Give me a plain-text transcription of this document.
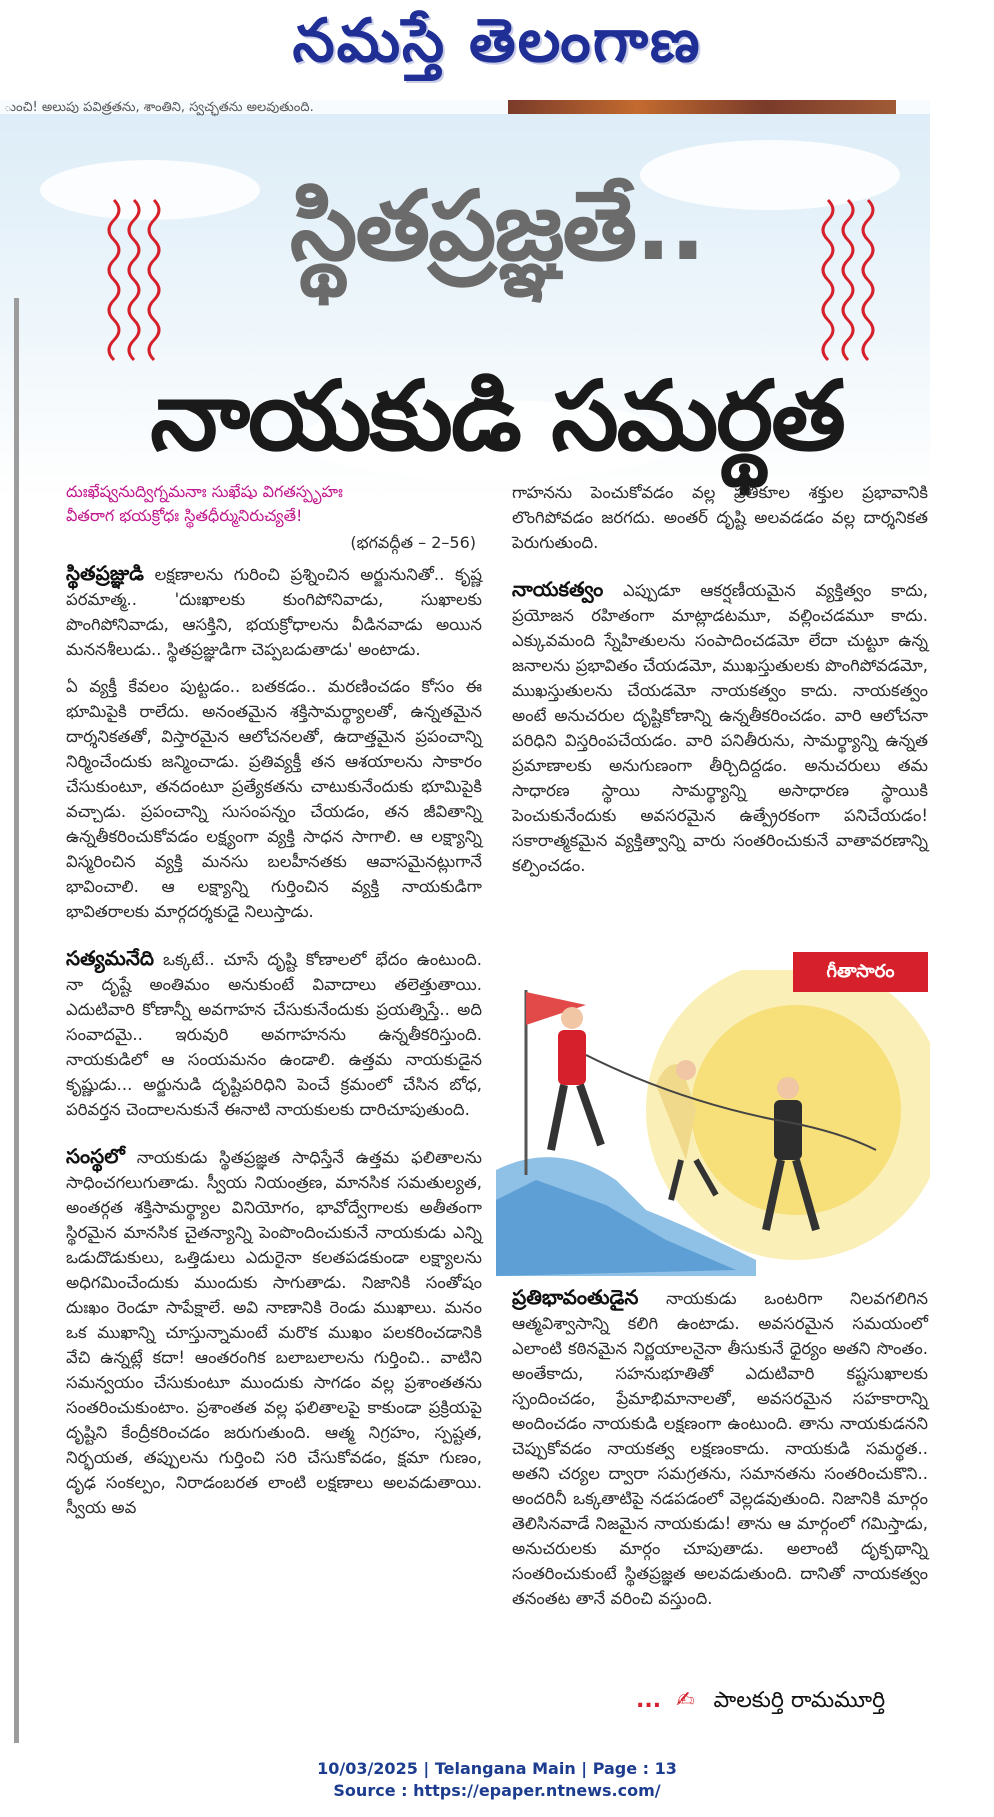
నమస్తే తెలంగాణ
ుంచి! అలుపు పవిత్రతను, శాంతిని, స్వచ్ఛతను అలవుతుంది.
స్థితప్రజ్ఞతే..
నాయకుడి సమర్థత
దుఃఖేష్వనుద్విగ్నమనాః సుఖేషు విగతస్పృహః
వీతరాగ భయక్రోధః స్థితధీర్మునిరుచ్యతే!
(భగవద్గీత – 2–56)

స్థితప్రజ్ఞుడి లక్షణాలను గురించి ప్రశ్నించిన అర్జునునితో.. కృష్ణ పరమాత్మ.. 'దుఃఖాలకు కుంగిపోనివాడు, సుఖాలకు పొంగిపోనివాడు, ఆసక్తిని, భయక్రోధాలను వీడినవాడు అయిన మననశీలుడు.. స్థితప్రజ్ఞుడిగా చెప్పబడుతాడు' అంటాడు.

ఏ వ్యక్తీ కేవలం పుట్టడం.. బతకడం.. మరణించడం కోసం ఈ భూమిపైకి రాలేదు. అనంతమైన శక్తిసామర్థ్యాలతో, ఉన్నతమైన దార్శనికతతో, విస్తారమైన ఆలోచనలతో, ఉదాత్తమైన ప్రపంచాన్ని నిర్మించేందుకు జన్మించాడు. ప్రతివ్యక్తీ తన ఆశయాలను సాకారం చేసుకుంటూ, తనదంటూ ప్రత్యేకతను చాటుకునేందుకు భూమిపైకి వచ్చాడు. ప్రపంచాన్ని సుసంపన్నం చేయడం, తన జీవితాన్ని ఉన్నతీకరించుకోవడం లక్ష్యంగా వ్యక్తి సాధన సాగాలి. ఆ లక్ష్యాన్ని విస్మరించిన వ్యక్తి మనసు బలహీనతకు ఆవాసమైనట్లుగానే భావించాలి. ఆ లక్ష్యాన్ని గుర్తించిన వ్యక్తి నాయకుడిగా భావితరాలకు మార్గదర్శకుడై నిలుస్తాడు.

సత్యమనేది ఒక్కటే.. చూసే దృష్టి కోణాలలో భేదం ఉంటుంది. నా దృష్టే అంతిమం అనుకుంటే వివాదాలు తలెత్తుతాయి. ఎదుటివారి కోణాన్నీ అవగాహన చేసుకునేందుకు ప్రయత్నిస్తే.. అది సంవాదమై.. ఇరువురి అవగాహనను ఉన్నతీకరిస్తుంది. నాయకుడిలో ఆ సంయమనం ఉండాలి. ఉత్తమ నాయకుడైన కృష్ణుడు... అర్జునుడి దృష్టిపరిధిని పెంచే క్రమంలో చేసిన బోధ, పరివర్తన చెందాలనుకునే ఈనాటి నాయకులకు దారిచూపుతుంది.

సంస్థలో నాయకుడు స్థితప్రజ్ఞత సాధిస్తేనే ఉత్తమ ఫలితాలను సాధించగలుగుతాడు. స్వీయ నియంత్రణ, మానసిక సమతుల్యత, అంతర్గత శక్తిసామర్థ్యాల వినియోగం, భావోద్వేగాలకు అతీతంగా స్థిరమైన మానసిక చైతన్యాన్ని పెంపొందించుకునే నాయకుడు ఎన్ని ఒడుదొడుకులు, ఒత్తిడులు ఎదురైనా కలతపడకుండా లక్ష్యాలను అధిగమించేందుకు ముందుకు సాగుతాడు. నిజానికి సంతోషం దుఃఖం రెండూ సాపేక్షాలే. అవి నాణానికి రెండు ముఖాలు. మనం ఒక ముఖాన్ని చూస్తున్నామంటే మరొక ముఖం పలకరించడానికి వేచి ఉన్నట్లే కదా! ఆంతరంగిక బలాబలాలను గుర్తించి.. వాటిని సమన్వయం చేసుకుంటూ ముందుకు సాగడం వల్ల ప్రశాంతతను సంతరించుకుంటాం. ప్రశాంతత వల్ల ఫలితాలపై కాకుండా ప్రక్రియపై దృష్టిని కేంద్రీకరించడం జరుగుతుంది. ఆత్మ నిగ్రహం, స్పష్టత, నిర్భయత, తప్పులను గుర్తించి సరి చేసుకోవడం, క్షమా గుణం, దృఢ సంకల్పం, నిరాడంబరత లాంటి లక్షణాలు అలవడుతాయి. స్వీయ అవ

గాహనను పెంచుకోవడం వల్ల ప్రతికూల శక్తుల ప్రభావానికి లొంగిపోవడం జరగదు. అంతర్ దృష్టి అలవడడం వల్ల దార్శనికత పెరుగుతుంది.

నాయకత్వం ఎప్పుడూ ఆకర్షణీయమైన వ్యక్తిత్వం కాదు, ప్రయోజన రహితంగా మాట్లాడటమూ, వల్లించడమూ కాదు. ఎక్కువమంది స్నేహితులను సంపాదించడమో లేదా చుట్టూ ఉన్న జనాలను ప్రభావితం చేయడమో, ముఖస్తుతులకు పొంగిపోవడమో, ముఖస్తుతులను చేయడమో నాయకత్వం కాదు. నాయకత్వం అంటే అనుచరుల దృష్టికోణాన్ని ఉన్నతీకరించడం. వారి ఆలోచనా పరిధిని విస్తరింపచేయడం. వారి పనితీరును, సామర్థ్యాన్ని ఉన్నత ప్రమాణాలకు అనుగుణంగా తీర్చిదిద్దడం. అనుచరులు తమ సాధారణ స్థాయి సామర్థ్యాన్ని అసాధారణ స్థాయికి పెంచుకునేందుకు అవసరమైన ఉత్ప్రేరకంగా పనిచేయడం! సకారాత్మకమైన వ్యక్తిత్వాన్ని వారు సంతరించుకునే వాతావరణాన్ని కల్పించడం.

గీతాసారం

ప్రతిభావంతుడైన నాయకుడు ఒంటరిగా నిలవగలిగిన ఆత్మవిశ్వాసాన్ని కలిగి ఉంటాడు. అవసరమైన సమయంలో ఎలాంటి కఠినమైన నిర్ణయాలనైనా తీసుకునే ధైర్యం అతని సొంతం. అంతేకాదు, సహనుభూతితో ఎదుటివారి కష్టసుఖాలకు స్పందించడం, ప్రేమాభిమానాలతో, అవసరమైన సహకారాన్ని అందించడం నాయకుడి లక్షణంగా ఉంటుంది. తాను నాయకుడనని చెప్పుకోవడం నాయకత్వ లక్షణంకాదు. నాయకుడి సమర్థత.. అతని చర్యల ద్వారా సమగ్రతను, సమానతను సంతరించుకొని.. అందరినీ ఒక్కతాటిపై నడపడంలో వెల్లడవుతుంది. నిజానికి మార్గం తెలిసినవాడే నిజమైన నాయకుడు! తాను ఆ మార్గంలో గమిస్తాడు, అనుచరులకు మార్గం చూపుతాడు. అలాంటి దృక్పథాన్ని సంతరించుకుంటే స్థితప్రజ్ఞత అలవడుతుంది. దానితో నాయకత్వం తనంతట తానే వరించి వస్తుంది.

... ✍ పాలకుర్తి రామమూర్తి
10/03/2025 | Telangana Main | Page : 13
Source : https://epaper.ntnews.com/
